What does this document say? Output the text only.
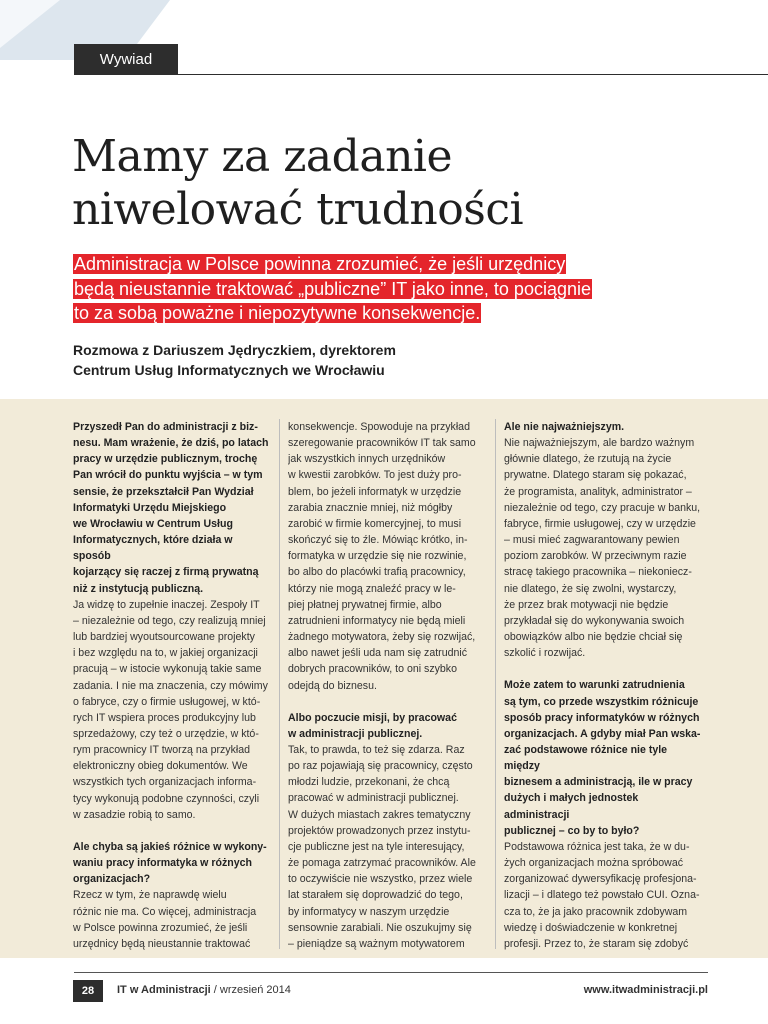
Wywiad
Mamy za zadanie
niwelować trudności
Administracja w Polsce powinna zrozumieć, że jeśli urzędnicy
będą nieustannie traktować „publiczne” IT jako inne, to pociągnie
to za sobą poważne i niepozytywne konsekwencje.
Rozmowa z Dariuszem Jędryczkiem, dyrektorem
Centrum Usług Informatycznych we Wrocławiu

Przyszedł Pan do administracji z biz-

nesu. Mam wrażenie, że dziś, po latach

pracy w urzędzie publicznym, trochę

Pan wrócił do punktu wyjścia – w tym

sensie, że przekształcił Pan Wydział

Informatyki Urzędu Miejskiego

we Wrocławiu w Centrum Usług

Informatycznych, które działa w sposób

kojarzący się raczej z firmą prywatną

niż z instytucją publiczną.

Ja widzę to zupełnie inaczej. Zespoły IT

– niezależnie od tego, czy realizują mniej

lub bardziej wyoutsourcowane projekty

i bez względu na to, w jakiej organizacji

pracują – w istocie wykonują takie same

zadania. I nie ma znaczenia, czy mówimy

o fabryce, czy o firmie usługowej, w któ-

rych IT wspiera proces produkcyjny lub

sprzedażowy, czy też o urzędzie, w któ-

rym pracownicy IT tworzą na przykład

elektroniczny obieg dokumentów. We

wszystkich tych organizacjach informa-

tycy wykonują podobne czynności, czyli

w zasadzie robią to samo.

Ale chyba są jakieś różnice w wykony-

waniu pracy informatyka w różnych

organizacjach?

Rzecz w tym, że naprawdę wielu

różnic nie ma. Co więcej, administracja

w Polsce powinna zrozumieć, że jeśli

urzędnicy będą nieustannie traktować

konsekwencje. Spowoduje na przykład

szeregowanie pracowników IT tak samo

jak wszystkich innych urzędników

w kwestii zarobków. To jest duży pro-

blem, bo jeżeli informatyk w urzędzie

zarabia znacznie mniej, niż mógłby

zarobić w firmie komercyjnej, to musi

skończyć się to źle. Mówiąc krótko, in-

formatyka w urzędzie się nie rozwinie,

bo albo do placówki trafią pracownicy,

którzy nie mogą znaleźć pracy w le-

piej płatnej prywatnej firmie, albo

zatrudnieni informatycy nie będą mieli

żadnego motywatora, żeby się rozwijać,

albo nawet jeśli uda nam się zatrudnić

dobrych pracowników, to oni szybko

odejdą do biznesu.

Albo poczucie misji, by pracować

w administracji publicznej.

Tak, to prawda, to też się zdarza. Raz

po raz pojawiają się pracownicy, często

młodzi ludzie, przekonani, że chcą

pracować w administracji publicznej.

W dużych miastach zakres tematyczny

projektów prowadzonych przez instytu-

cje publiczne jest na tyle interesujący,

że pomaga zatrzymać pracowników. Ale

to oczywiście nie wszystko, przez wiele

lat starałem się doprowadzić do tego,

by informatycy w naszym urzędzie

sensownie zarabiali. Nie oszukujmy się

– pieniądze są ważnym motywatorem

Ale nie najważniejszym.

Nie najważniejszym, ale bardzo ważnym

głównie dlatego, że rzutują na życie

prywatne. Dlatego staram się pokazać,

że programista, analityk, administrator –

niezależnie od tego, czy pracuje w banku,

fabryce, firmie usługowej, czy w urzędzie

– musi mieć zagwarantowany pewien

poziom zarobków. W przeciwnym razie

stracę takiego pracownika – niekoniecz-

nie dlatego, że się zwolni, wystarczy,

że przez brak motywacji nie będzie

przykładał się do wykonywania swoich

obowiązków albo nie będzie chciał się

szkolić i rozwijać.

Może zatem to warunki zatrudnienia

są tym, co przede wszystkim różnicuje

sposób pracy informatyków w różnych

organizacjach. A gdyby miał Pan wska-

zać podstawowe różnice nie tyle między

biznesem a administracją, ile w pracy

dużych i małych jednostek administracji

publicznej – co by to było?

Podstawowa różnica jest taka, że w du-

żych organizacjach można spróbować

zorganizować dywersyfikację profesjona-

lizacji – i dlatego też powstało CUI. Ozna-

cza to, że ja jako pracownik zdobywam

wiedzę i doświadczenie w konkretnej

profesji. Przez to, że staram się zdobyć

28	IT w Administracji / wrzesień 2014	www.itwadministracji.pl
